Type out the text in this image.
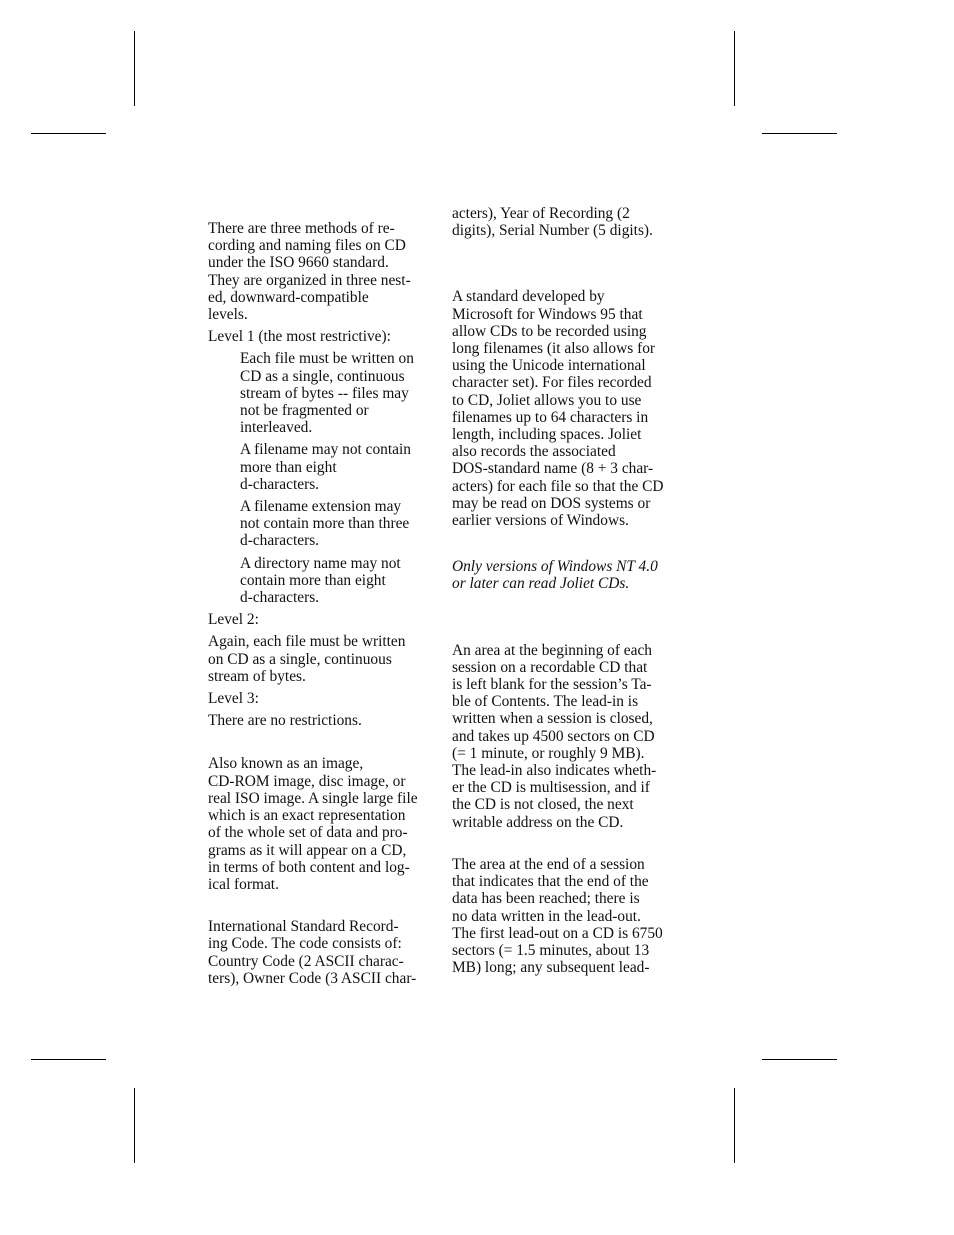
There are three methods of re-
cording and naming files on CD
under the ISO 9660 standard.
They are organized in three nest-
ed, downward-compatible
levels.

Level 1 (the most restrictive):

Each file must be written on
CD as a single, continuous
stream of bytes -- files may
not be fragmented or
interleaved.

A filename may not contain
more than eight
d-characters.

A filename extension may
not contain more than three
d-characters.

A directory name may not
contain more than eight
d-characters.

Level 2:

Again, each file must be written
on CD as a single, continuous
stream of bytes.

Level 3:

There are no restrictions.

Also known as an image,
CD-ROM image, disc image, or
real ISO image. A single large file
which is an exact representation
of the whole set of data and pro-
grams as it will appear on a CD,
in terms of both content and log-
ical format.

International Standard Record-
ing Code. The code consists of:
Country Code (2 ASCII charac-
ters), Owner Code (3 ASCII char-

acters), Year of Recording (2
digits), Serial Number (5 digits).

A standard developed by
Microsoft for Windows 95 that
allow CDs to be recorded using
long filenames (it also allows for
using the Unicode international
character set). For files recorded
to CD, Joliet allows you to use
filenames up to 64 characters in
length, including spaces. Joliet
also records the associated
DOS-standard name (8 + 3 char-
acters) for each file so that the CD
may be read on DOS systems or
earlier versions of Windows.

Only versions of Windows NT 4.0
or later can read Joliet CDs.

An area at the beginning of each
session on a recordable CD that
is left blank for the session’s Ta-
ble of Contents. The lead-in is
written when a session is closed,
and takes up 4500 sectors on CD
(= 1 minute, or roughly 9 MB).
The lead-in also indicates wheth-
er the CD is multisession, and if
the CD is not closed, the next
writable address on the CD.

The area at the end of a session
that indicates that the end of the
data has been reached; there is
no data written in the lead-out.
The first lead-out on a CD is 6750
sectors (= 1.5 minutes, about 13
MB) long; any subsequent lead-
